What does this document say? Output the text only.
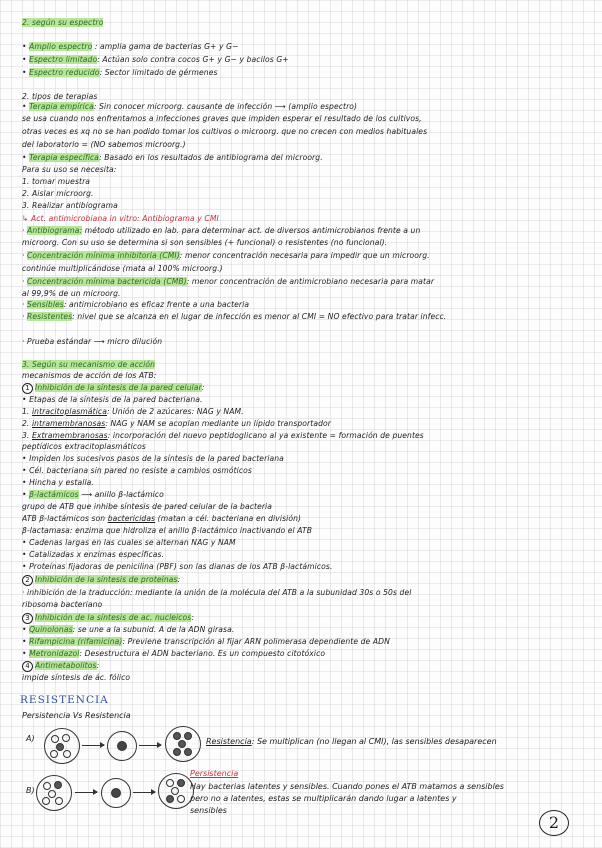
2. según su espectro
• Amplio espectro : amplia gama de bacterias G+ y G−
• Espectro limitado: Actúan solo contra cocos G+ y G− y bacilos G+
• Espectro reducido: Sector limitado de gérmenes
2. tipos de terapias
• Terapia empírica: Sin conocer microorg. causante de infección ⟶ (amplio espectro)
se usa cuando nos enfrentamos a infecciones graves que impiden esperar el resultado de los cultivos,
otras veces es xq no se han podido tomar los cultivos o microorg. que no crecen con medios habituales
del laboratorio = (NO sabemos microorg.)
• Terapia específica: Basado en los resultados de antibiograma del microorg.
Para su uso se necesita:
1. tomar muestra
2. Aislar microorg.
3. Realizar antibiograma
↳ Act. antimicrobiana in vitro: Antibiograma y CMI
· Antibiograma: método utilizado en lab. para determinar act. de diversos antimicrobianos frente a un
microorg. Con su uso se determina si son sensibles (+ funcional) o resistentes (no funcional).
· Concentración mínima inhibitoria (CMI): menor concentración necesaria para impedir que un microorg.
continúe multiplicándose (mata al 100% microorg.)
· Concentración mínima bactericida (CMB): menor concentración de antimicrobiano necesaria para matar
al 99,9% de un microorg.
· Sensibles: antimicrobiano es eficaz frente a una bacteria
· Resistentes: nivel que se alcanza en el lugar de infección es menor al CMI = NO efectivo para tratar infecc.
· Prueba estándar ⟶ micro dilución
3. Según su mecanismo de acción
mecanismos de acción de los ATB:
1 Inhibición de la síntesis de la pared celular:
• Etapas de la síntesis de la pared bacteriana.
1. intracitoplasmática: Unión de 2 azúcares: NAG y NAM.
2. intramembranosas: NAG y NAM se acoplan mediante un lípido transportador
3. Extramembranosas: incorporación del nuevo peptidoglicano al ya existente = formación de puentes
peptídicos extracitoplasmáticos
• Impiden los sucesivos pasos de la síntesis de la pared bacteriana
• Cél. bacteriana sin pared no resiste a cambios osmóticos
• Hincha y estalla.
• β-lactámicos ⟶ anillo β-lactámico
grupo de ATB que inhibe síntesis de pared celular de la bacteria
ATB β-lactámicos son bactericidas (matan a cél. bacteriana en división)
β-lactamasa: enzima que hidroliza el anillo β-lactámico inactivando el ATB
• Cadenas largas en las cuales se alternan NAG y NAM
• Catalizadas x enzimas específicas.
• Proteínas fijadoras de penicilina (PBF) son las dianas de los ATB β-lactámicos.
2 Inhibición de la síntesis de proteínas:
· inhibición de la traducción: mediante la unión de la molécula del ATB a la subunidad 30s o 50s del
ribosoma bacteriano
3 Inhibición de la síntesis de ac. nucleicos:
• Quinolonas: se une a la subunid. A de la ADN girasa.
• Rifampicina (rifamicina): Previene transcripción al fijar ARN polimerasa dependiente de ADN
• Metronidazol: Desestructura el ADN bacteriano. Es un compuesto citotóxico
4 Antimetabolitos:
impide síntesis de ác. fólico
RESISTENCIA
Persistencia Vs Resistencia
A)	Resistencia: Se multiplican (no llegan al CMI), las sensibles desaparecen
B)
Persistencia
Hay bacterias latentes y sensibles. Cuando pones el ATB matamos a sensibles
pero no a latentes, estas se multiplicarán dando lugar a latentes y
sensibles
2
